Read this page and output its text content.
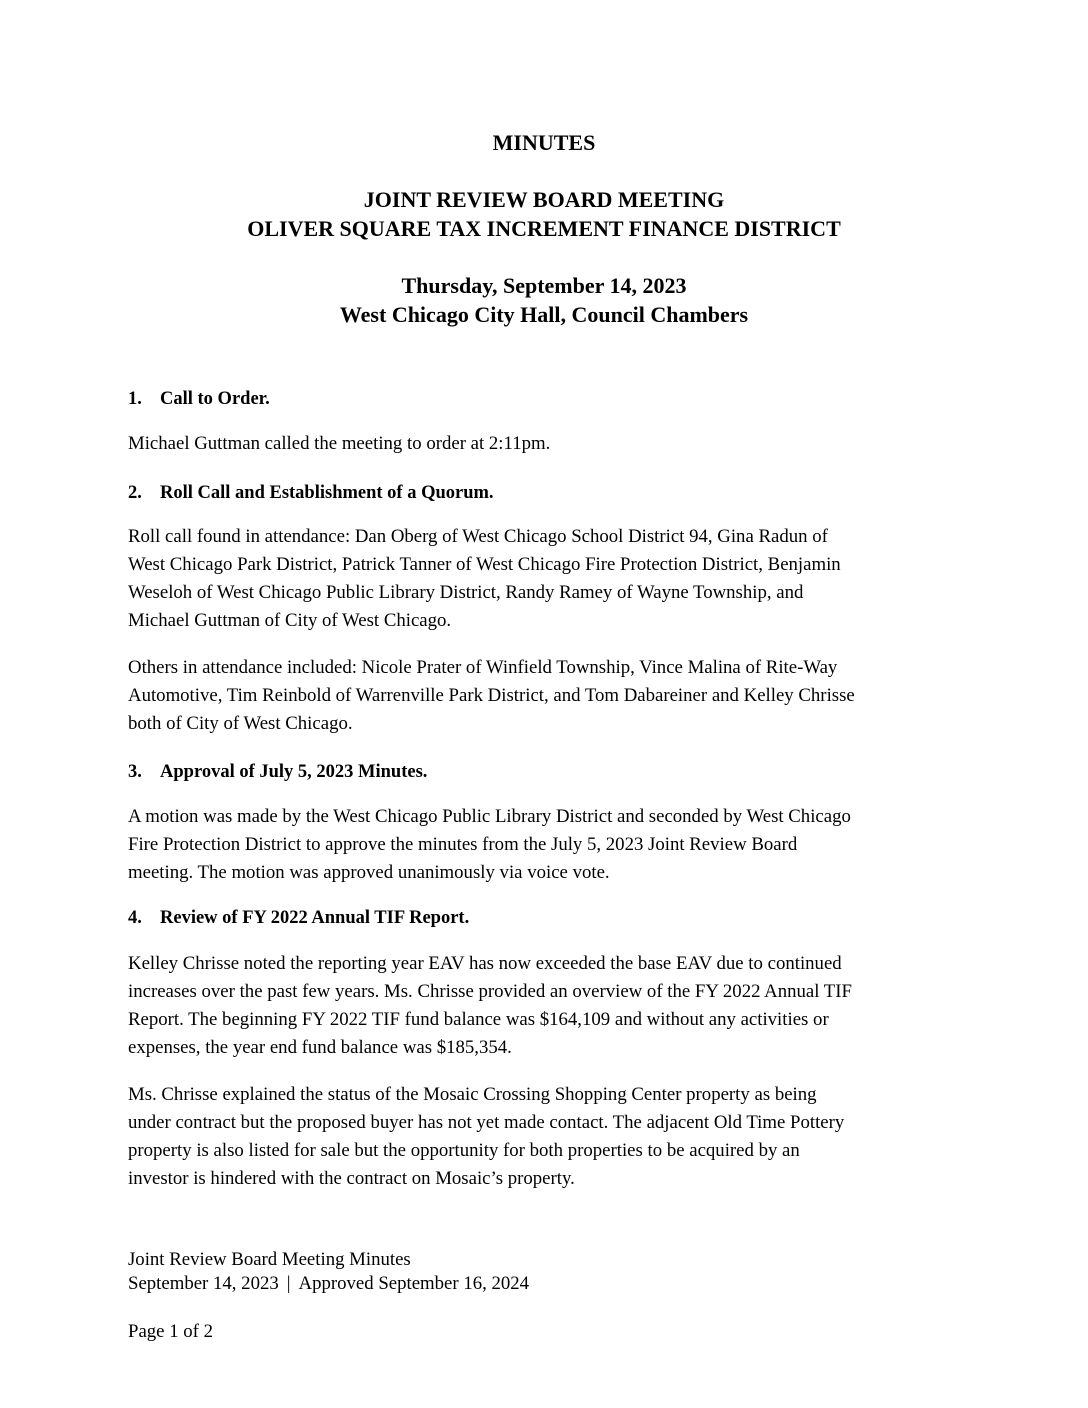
MINUTES
JOINT REVIEW BOARD MEETING
OLIVER SQUARE TAX INCREMENT FINANCE DISTRICT
Thursday, September 14, 2023
West Chicago City Hall, Council Chambers
1. Call to Order.
Michael Guttman called the meeting to order at 2:11pm.
2. Roll Call and Establishment of a Quorum.
Roll call found in attendance: Dan Oberg of West Chicago School District 94, Gina Radun of
West Chicago Park District, Patrick Tanner of West Chicago Fire Protection District, Benjamin
Weseloh of West Chicago Public Library District, Randy Ramey of Wayne Township, and
Michael Guttman of City of West Chicago.
Others in attendance included: Nicole Prater of Winfield Township, Vince Malina of Rite-Way
Automotive, Tim Reinbold of Warrenville Park District, and Tom Dabareiner and Kelley Chrisse
both of City of West Chicago.
3. Approval of July 5, 2023 Minutes.
A motion was made by the West Chicago Public Library District and seconded by West Chicago
Fire Protection District to approve the minutes from the July 5, 2023 Joint Review Board
meeting. The motion was approved unanimously via voice vote.
4. Review of FY 2022 Annual TIF Report.
Kelley Chrisse noted the reporting year EAV has now exceeded the base EAV due to continued
increases over the past few years. Ms. Chrisse provided an overview of the FY 2022 Annual TIF
Report. The beginning FY 2022 TIF fund balance was $164,109 and without any activities or
expenses, the year end fund balance was $185,354.
Ms. Chrisse explained the status of the Mosaic Crossing Shopping Center property as being
under contract but the proposed buyer has not yet made contact. The adjacent Old Time Pottery
property is also listed for sale but the opportunity for both properties to be acquired by an
investor is hindered with the contract on Mosaic’s property.
Joint Review Board Meeting Minutes
September 14, 2023 | Approved September 16, 2024
Page 1 of 2
